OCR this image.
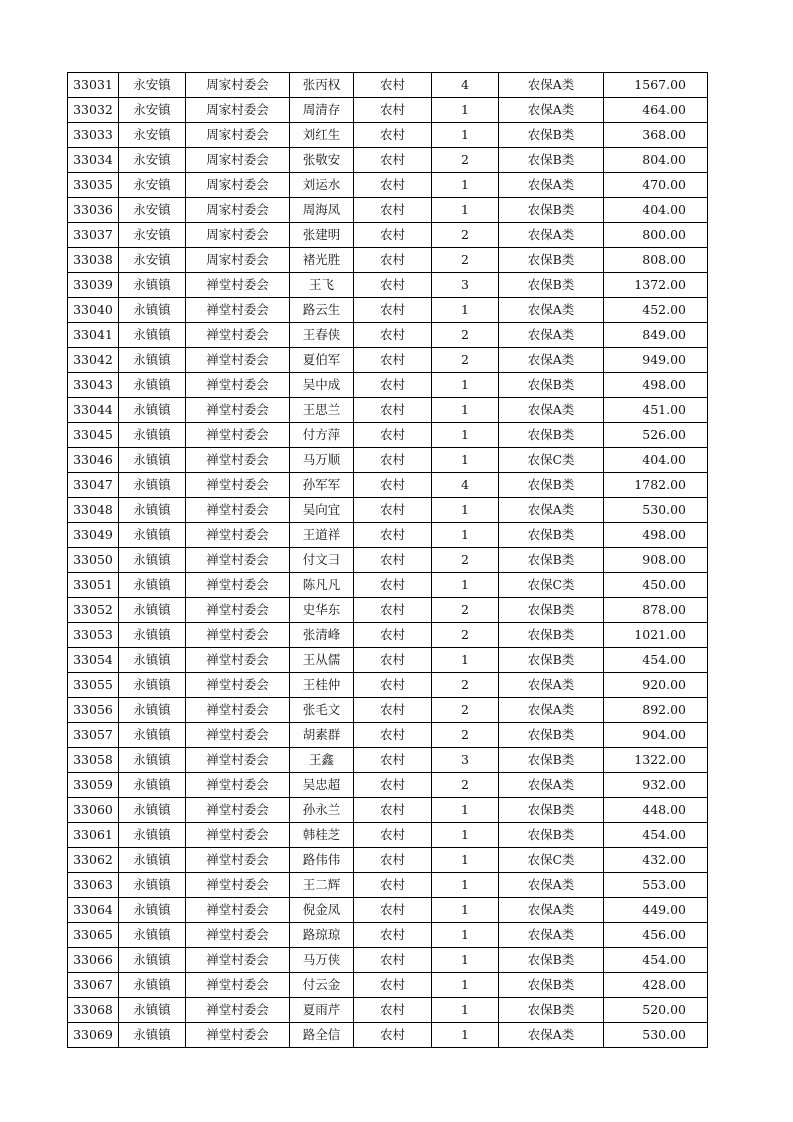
33031	永安镇	周家村委会	张丙权	农村	4	农保A类	1567.00
33032	永安镇	周家村委会	周清存	农村	1	农保A类	464.00
33033	永安镇	周家村委会	刘红生	农村	1	农保B类	368.00
33034	永安镇	周家村委会	张敬安	农村	2	农保B类	804.00
33035	永安镇	周家村委会	刘运水	农村	1	农保A类	470.00
33036	永安镇	周家村委会	周海凤	农村	1	农保B类	404.00
33037	永安镇	周家村委会	张建明	农村	2	农保A类	800.00
33038	永安镇	周家村委会	褚光胜	农村	2	农保B类	808.00
33039	永镇镇	禅堂村委会	王飞	农村	3	农保B类	1372.00
33040	永镇镇	禅堂村委会	路云生	农村	1	农保A类	452.00
33041	永镇镇	禅堂村委会	王春侠	农村	2	农保A类	849.00
33042	永镇镇	禅堂村委会	夏伯军	农村	2	农保A类	949.00
33043	永镇镇	禅堂村委会	吴中成	农村	1	农保B类	498.00
33044	永镇镇	禅堂村委会	王思兰	农村	1	农保A类	451.00
33045	永镇镇	禅堂村委会	付方萍	农村	1	农保B类	526.00
33046	永镇镇	禅堂村委会	马万顺	农村	1	农保C类	404.00
33047	永镇镇	禅堂村委会	孙军军	农村	4	农保B类	1782.00
33048	永镇镇	禅堂村委会	吴向宜	农村	1	农保A类	530.00
33049	永镇镇	禅堂村委会	王道祥	农村	1	农保B类	498.00
33050	永镇镇	禅堂村委会	付文彐	农村	2	农保B类	908.00
33051	永镇镇	禅堂村委会	陈凡凡	农村	1	农保C类	450.00
33052	永镇镇	禅堂村委会	史华东	农村	2	农保B类	878.00
33053	永镇镇	禅堂村委会	张清峰	农村	2	农保B类	1021.00
33054	永镇镇	禅堂村委会	王从儒	农村	1	农保B类	454.00
33055	永镇镇	禅堂村委会	王桂仲	农村	2	农保A类	920.00
33056	永镇镇	禅堂村委会	张毛文	农村	2	农保A类	892.00
33057	永镇镇	禅堂村委会	胡素群	农村	2	农保B类	904.00
33058	永镇镇	禅堂村委会	王鑫	农村	3	农保B类	1322.00
33059	永镇镇	禅堂村委会	吴忠超	农村	2	农保A类	932.00
33060	永镇镇	禅堂村委会	孙永兰	农村	1	农保B类	448.00
33061	永镇镇	禅堂村委会	韩桂芝	农村	1	农保B类	454.00
33062	永镇镇	禅堂村委会	路伟伟	农村	1	农保C类	432.00
33063	永镇镇	禅堂村委会	王二辉	农村	1	农保A类	553.00
33064	永镇镇	禅堂村委会	倪金凤	农村	1	农保A类	449.00
33065	永镇镇	禅堂村委会	路琼琼	农村	1	农保A类	456.00
33066	永镇镇	禅堂村委会	马万侠	农村	1	农保B类	454.00
33067	永镇镇	禅堂村委会	付云金	农村	1	农保B类	428.00
33068	永镇镇	禅堂村委会	夏雨芹	农村	1	农保B类	520.00
33069	永镇镇	禅堂村委会	路全信	农村	1	农保A类	530.00
